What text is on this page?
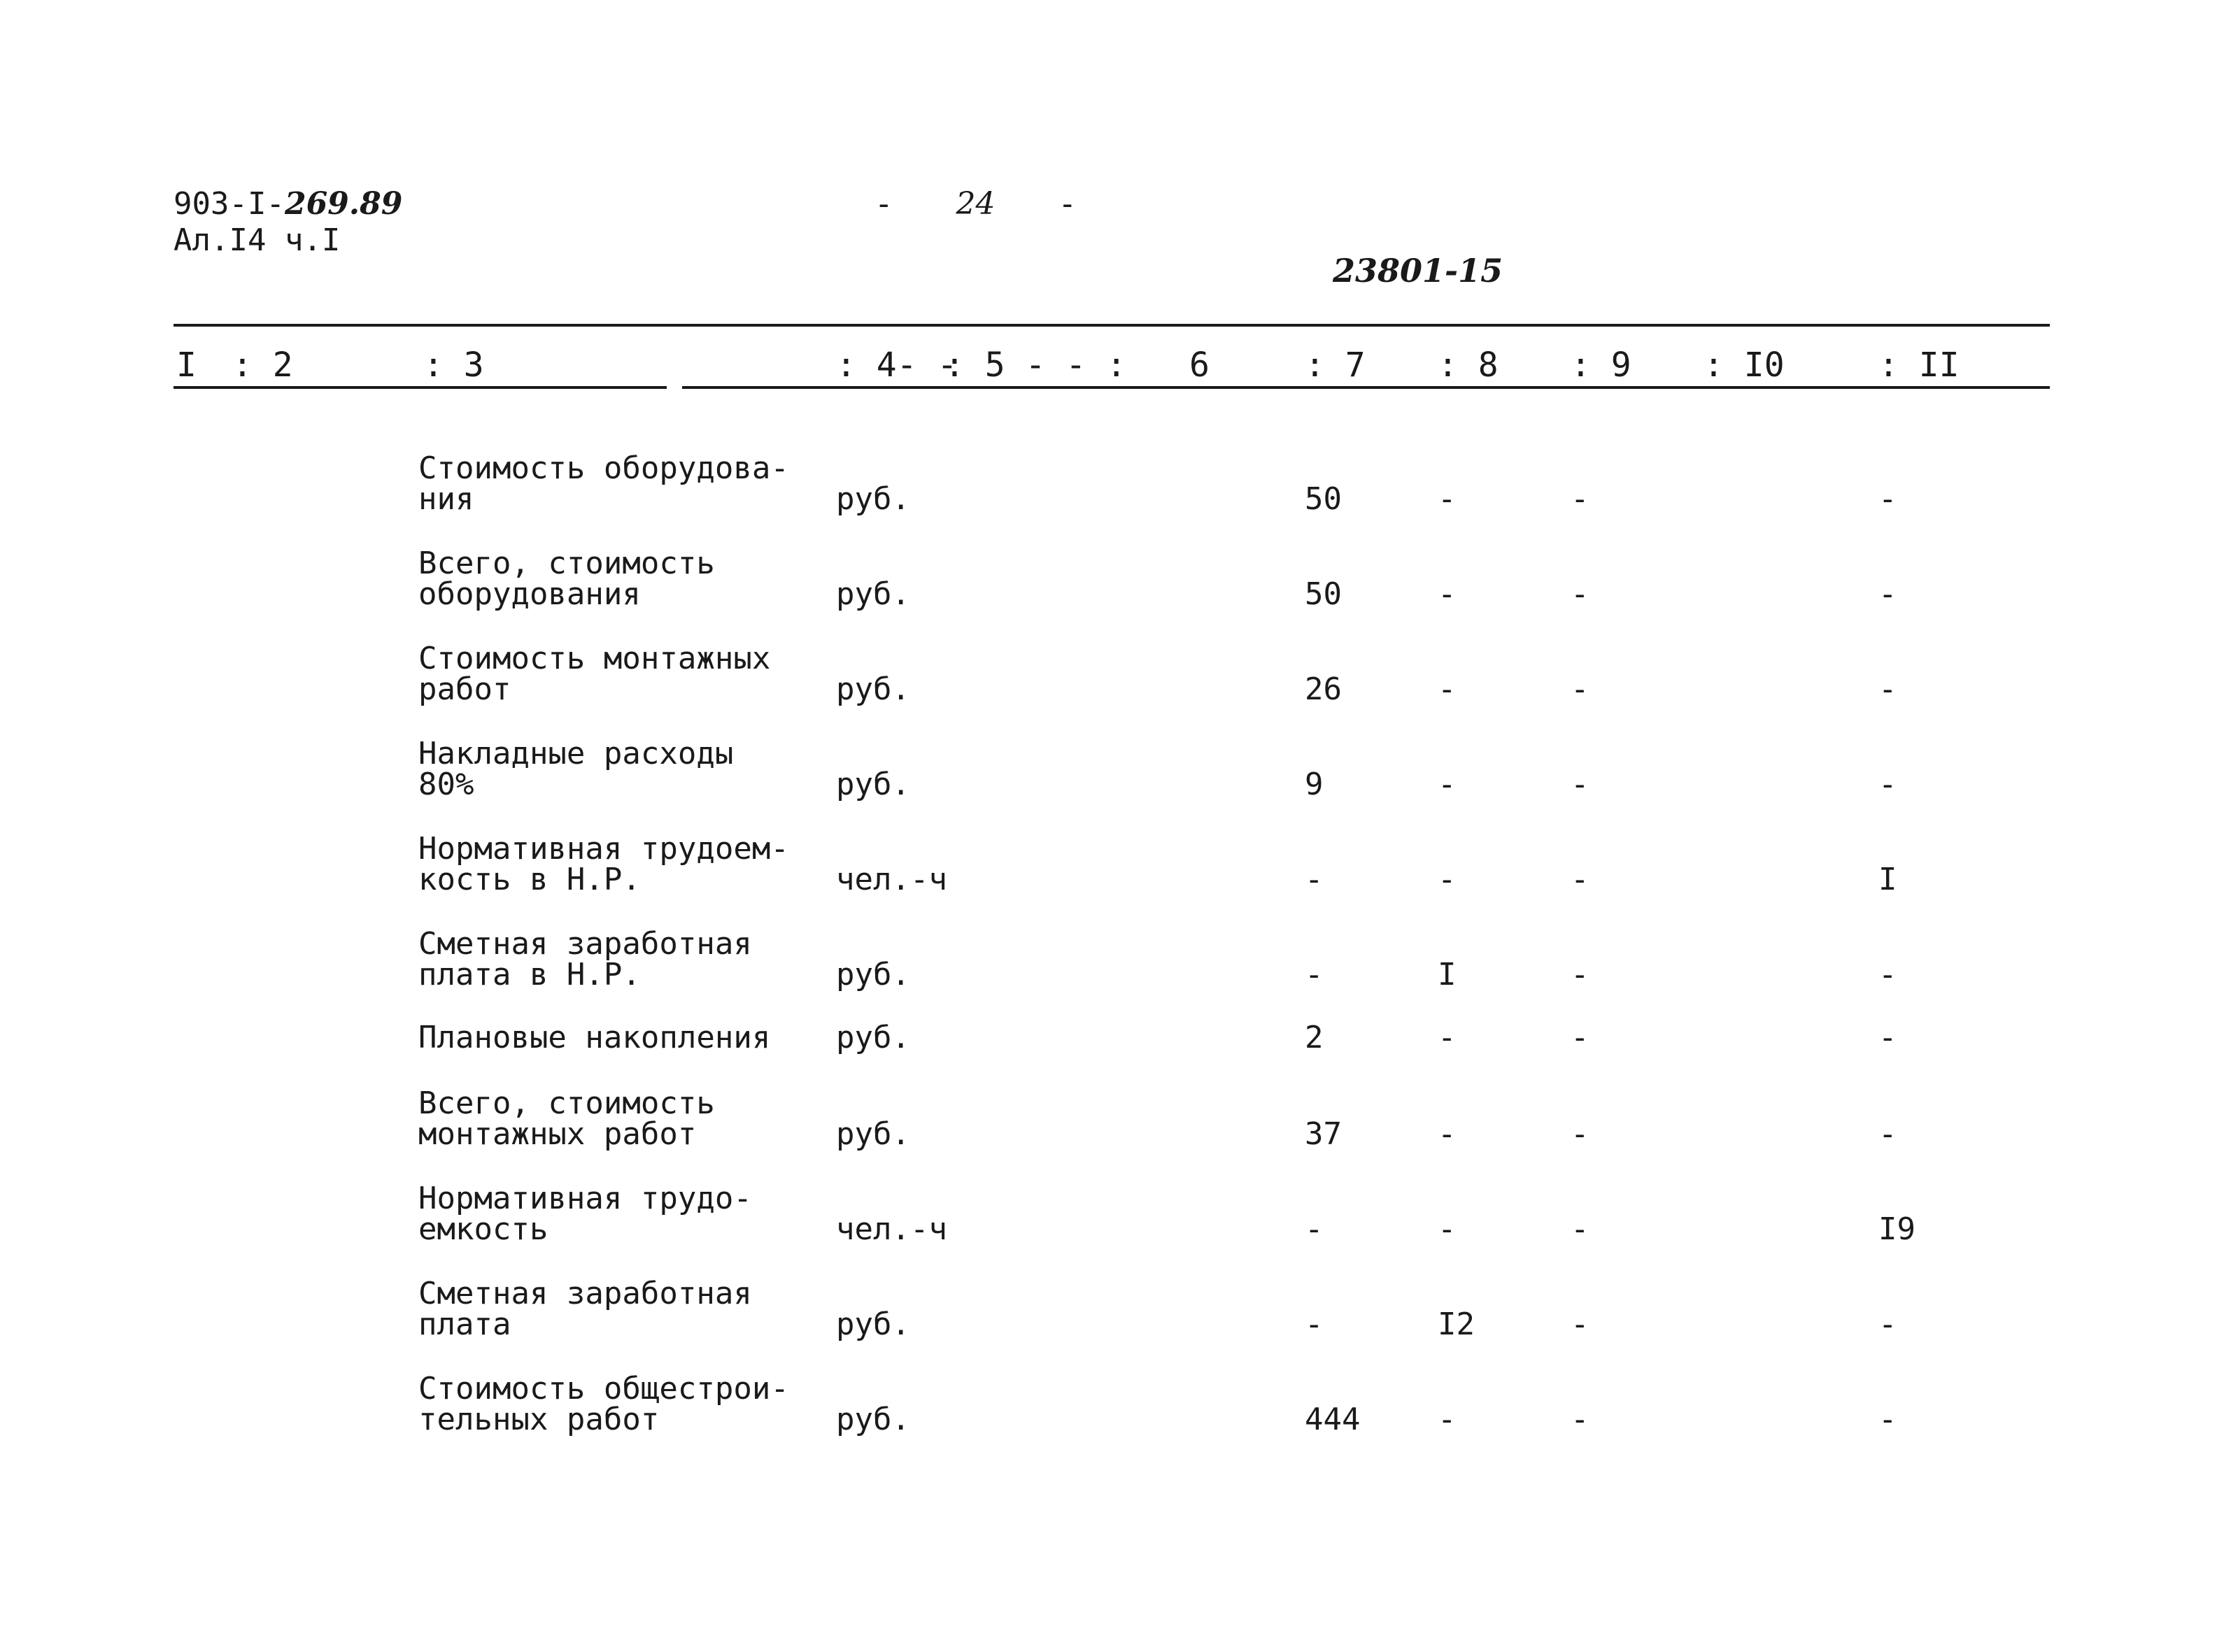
903-I-269.89
Ал.I4 ч.I
- 24 -
23801-15
I : 2	: 3	: 4- -
: 5 - - : 6	: 7 : 8 : 9 : I0	: II
Стоимость оборудова-
ния	руб.	50	-	-	-
Всего, стоимость
оборудования	руб.	50	-	-	-
Стоимость монтажных
работ	руб.	26	-	-	-
Накладные расходы
80%	руб.	9	-	-	-
Нормативная трудоем-
кость в Н.Р.	чел.-ч	-	-	-	I
Сметная заработная
плата в Н.Р.	руб.	-	I	-	-
Плановые накопления	руб.	2	-	-	-
Всего, стоимость
монтажных работ	руб.	37	-	-	-
Нормативная трудо-
емкость	чел.-ч	-	-	-	I9
Сметная заработная
плата	руб.	-	I2	-	-
Стоимость общестрои-
тельных работ	руб.	444	-	-	-
